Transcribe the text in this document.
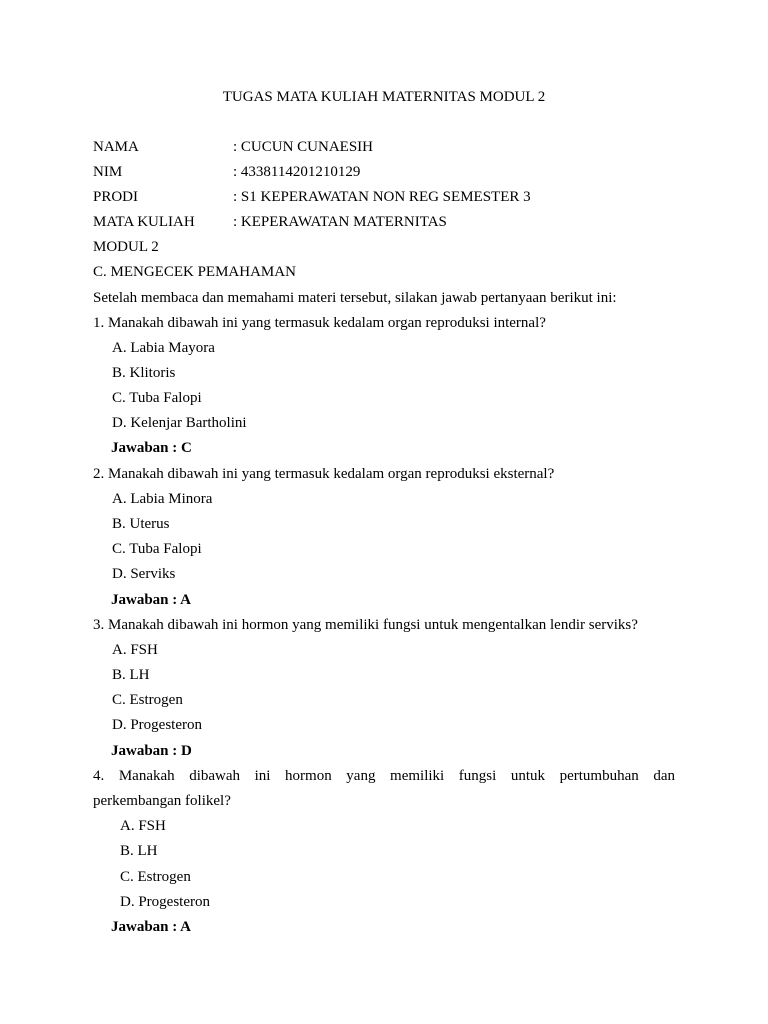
TUGAS MATA KULIAH MATERNITAS MODUL 2
NAMA	: CUCUN CUNAESIH
NIM	: 4338114201210129
PRODI	: S1 KEPERAWATAN NON REG SEMESTER 3
MATA KULIAH	: KEPERAWATAN MATERNITAS
MODUL 2
C. MENGECEK PEMAHAMAN
Setelah membaca dan memahami materi tersebut, silakan jawab pertanyaan berikut ini:
1. Manakah dibawah ini yang termasuk kedalam organ reproduksi internal?
A. Labia Mayora
B. Klitoris
C. Tuba Falopi
D. Kelenjar Bartholini
Jawaban : C
2. Manakah dibawah ini yang termasuk kedalam organ reproduksi eksternal?
A. Labia Minora
B. Uterus
C. Tuba Falopi
D. Serviks
Jawaban : A
3. Manakah dibawah ini hormon yang memiliki fungsi untuk mengentalkan lendir serviks?
A. FSH
B. LH
C. Estrogen
D. Progesteron
Jawaban : D
4. Manakah dibawah ini hormon yang memiliki fungsi untuk pertumbuhan dan
perkembangan folikel?
A. FSH
B. LH
C. Estrogen
D. Progesteron
Jawaban : A
